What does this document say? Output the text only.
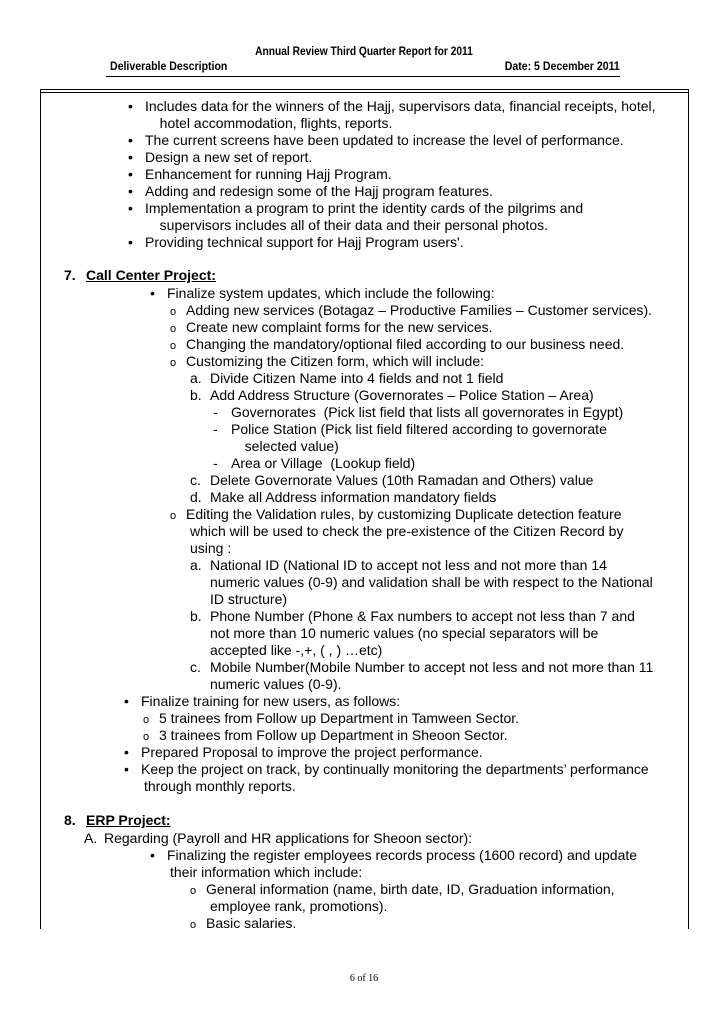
Annual Review Third Quarter Report for 2011
Deliverable Description	Date: 5 December 2011
• Includes data for the winners of the Hajj, supervisors data, financial receipts, hotel,
hotel accommodation, flights, reports.
• The current screens have been updated to increase the level of performance.
• Design a new set of report.
• Enhancement for running Hajj Program.
• Adding and redesign some of the Hajj program features.
• Implementation a program to print the identity cards of the pilgrims and
supervisors includes all of their data and their personal photos.
• Providing technical support for Hajj Program users'.
7. Call Center Project:
• Finalize system updates, which include the following:
o Adding new services (Botagaz – Productive Families – Customer services).
o Create new complaint forms for the new services.
o Changing the mandatory/optional filed according to our business need.
o Customizing the Citizen form, which will include:
a. Divide Citizen Name into 4 fields and not 1 field
b. Add Address Structure (Governorates – Police Station – Area)
- Governorates  (Pick list field that lists all governorates in Egypt)
- Police Station (Pick list field filtered according to governorate
selected value)
- Area or Village  (Lookup field)
c. Delete Governorate Values (10th Ramadan and Others) value
d. Make all Address information mandatory fields
o Editing the Validation rules, by customizing Duplicate detection feature
which will be used to check the pre-existence of the Citizen Record by
using :
a. National ID (National ID to accept not less and not more than 14
numeric values (0-9) and validation shall be with respect to the National
ID structure)
b. Phone Number (Phone & Fax numbers to accept not less than 7 and
not more than 10 numeric values (no special separators will be
accepted like -,+, ( , ) …etc)
c. Mobile Number(Mobile Number to accept not less and not more than 11
numeric values (0-9).
• Finalize training for new users, as follows:
o 5 trainees from Follow up Department in Tamween Sector.
o 3 trainees from Follow up Department in Sheoon Sector.
• Prepared Proposal to improve the project performance.
• Keep the project on track, by continually monitoring the departments’ performance
through monthly reports.
8. ERP Project:
A. Regarding (Payroll and HR applications for Sheoon sector):
• Finalizing the register employees records process (1600 record) and update
their information which include:
o General information (name, birth date, ID, Graduation information,
employee rank, promotions).
o Basic salaries.
6 of 16
